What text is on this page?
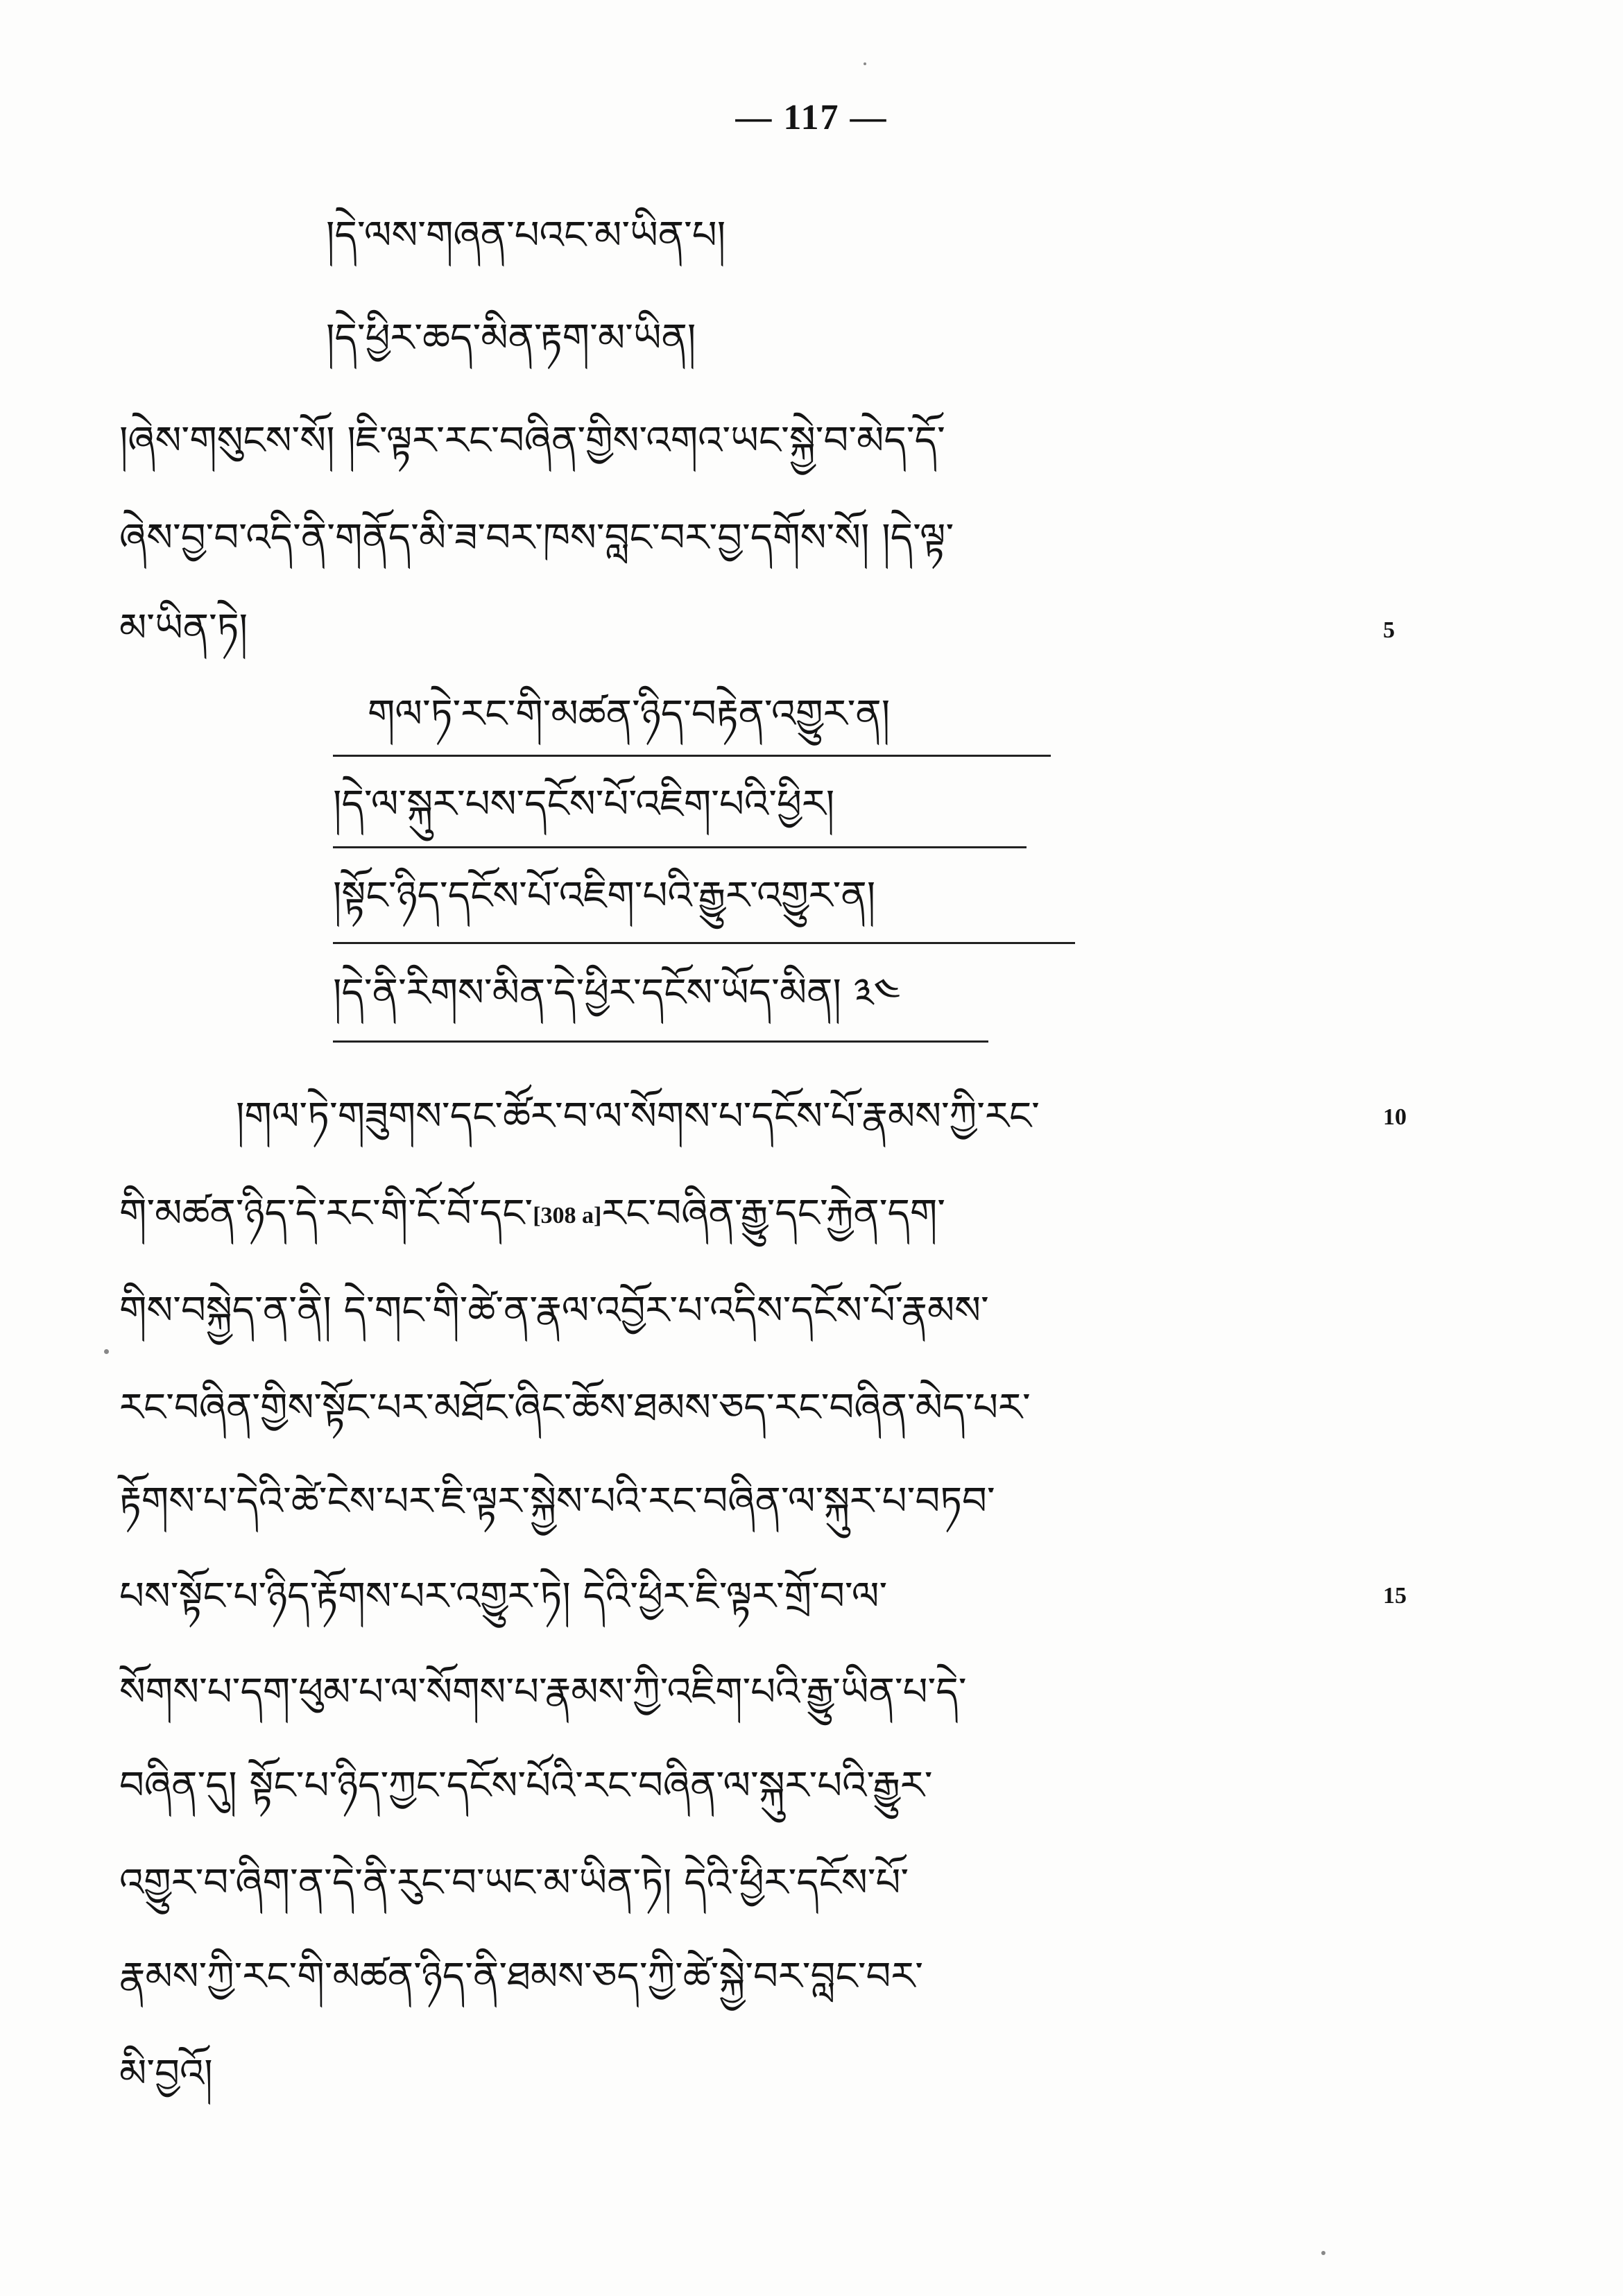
— 117 —
།དེ་ལས་གཞན་པའང་མ་ཡིན་པ།
།དེ་ཕྱིར་ཆད་མིན་རྟག་མ་ཡིན།
།ཞེས་གསུངས་སོ། །ཇི་ལྟར་རང་བཞིན་གྱིས་འགའ་ཡང་སྐྱེ་བ་མེད་དོ་
ཞེས་བྱ་བ་འདི་ནི་གནོད་མི་ཟ་བར་ཁས་བླང་བར་བྱ་དགོས་སོ། །དེ་ལྟ་
མ་ཡིན་ཏེ།	5
གལ་ཏེ་རང་གི་མཚན་ཉིད་བརྟེན་འགྱུར་ན།
།དེ་ལ་སྐུར་པས་དངོས་པོ་འཇིག་པའི་ཕྱིར།
།སྟོང་ཉིད་དངོས་པོ་འཇིག་པའི་རྒྱུར་འགྱུར་ན།
།དེ་ནི་རིགས་མིན་དེ་ཕྱིར་དངོས་ཡོད་མིན། ༣༤
།གལ་ཏེ་གཟུགས་དང་ཚོར་བ་ལ་སོགས་པ་དངོས་པོ་རྣམས་ཀྱི་རང་	10
གི་མཚན་ཉིད་དེ་རང་གི་ངོ་བོ་དང་[308 a]རང་བཞིན་རྒྱུ་དང་རྐྱེན་དག་
གིས་བསྐྱེད་ན་ནི། དེ་གང་གི་ཚེ་ན་རྣལ་འབྱོར་པ་འདིས་དངོས་པོ་རྣམས་
རང་བཞིན་གྱིས་སྟོང་པར་མཐོང་ཞིང་ཆོས་ཐམས་ཅད་རང་བཞིན་མེད་པར་
རྟོགས་པ་དེའི་ཚེ་ངེས་པར་ཇི་ལྟར་སྐྱེས་པའི་རང་བཞིན་ལ་སྐུར་པ་བཏབ་
པས་སྟོང་པ་ཉིད་རྟོགས་པར་འགྱུར་ཏེ། དེའི་ཕྱིར་ཇི་ལྟར་གྲོ་བ་ལ་	15
སོགས་པ་དག་ཕུམ་པ་ལ་སོགས་པ་རྣམས་ཀྱི་འཇིག་པའི་རྒྱུ་ཡིན་པ་དེ་
བཞིན་དུ། སྟོང་པ་ཉིད་ཀྱང་དངོས་པོའི་རང་བཞིན་ལ་སྐུར་པའི་རྒྱུར་
འགྱུར་བ་ཞིག་ན་དེ་ནི་རུང་བ་ཡང་མ་ཡིན་ཏེ། དེའི་ཕྱིར་དངོས་པོ་
རྣམས་ཀྱི་རང་གི་མཚན་ཉིད་ནི་ཐམས་ཅད་ཀྱི་ཚེ་སྐྱེ་བར་བླང་བར་
མི་བྱའོ།
